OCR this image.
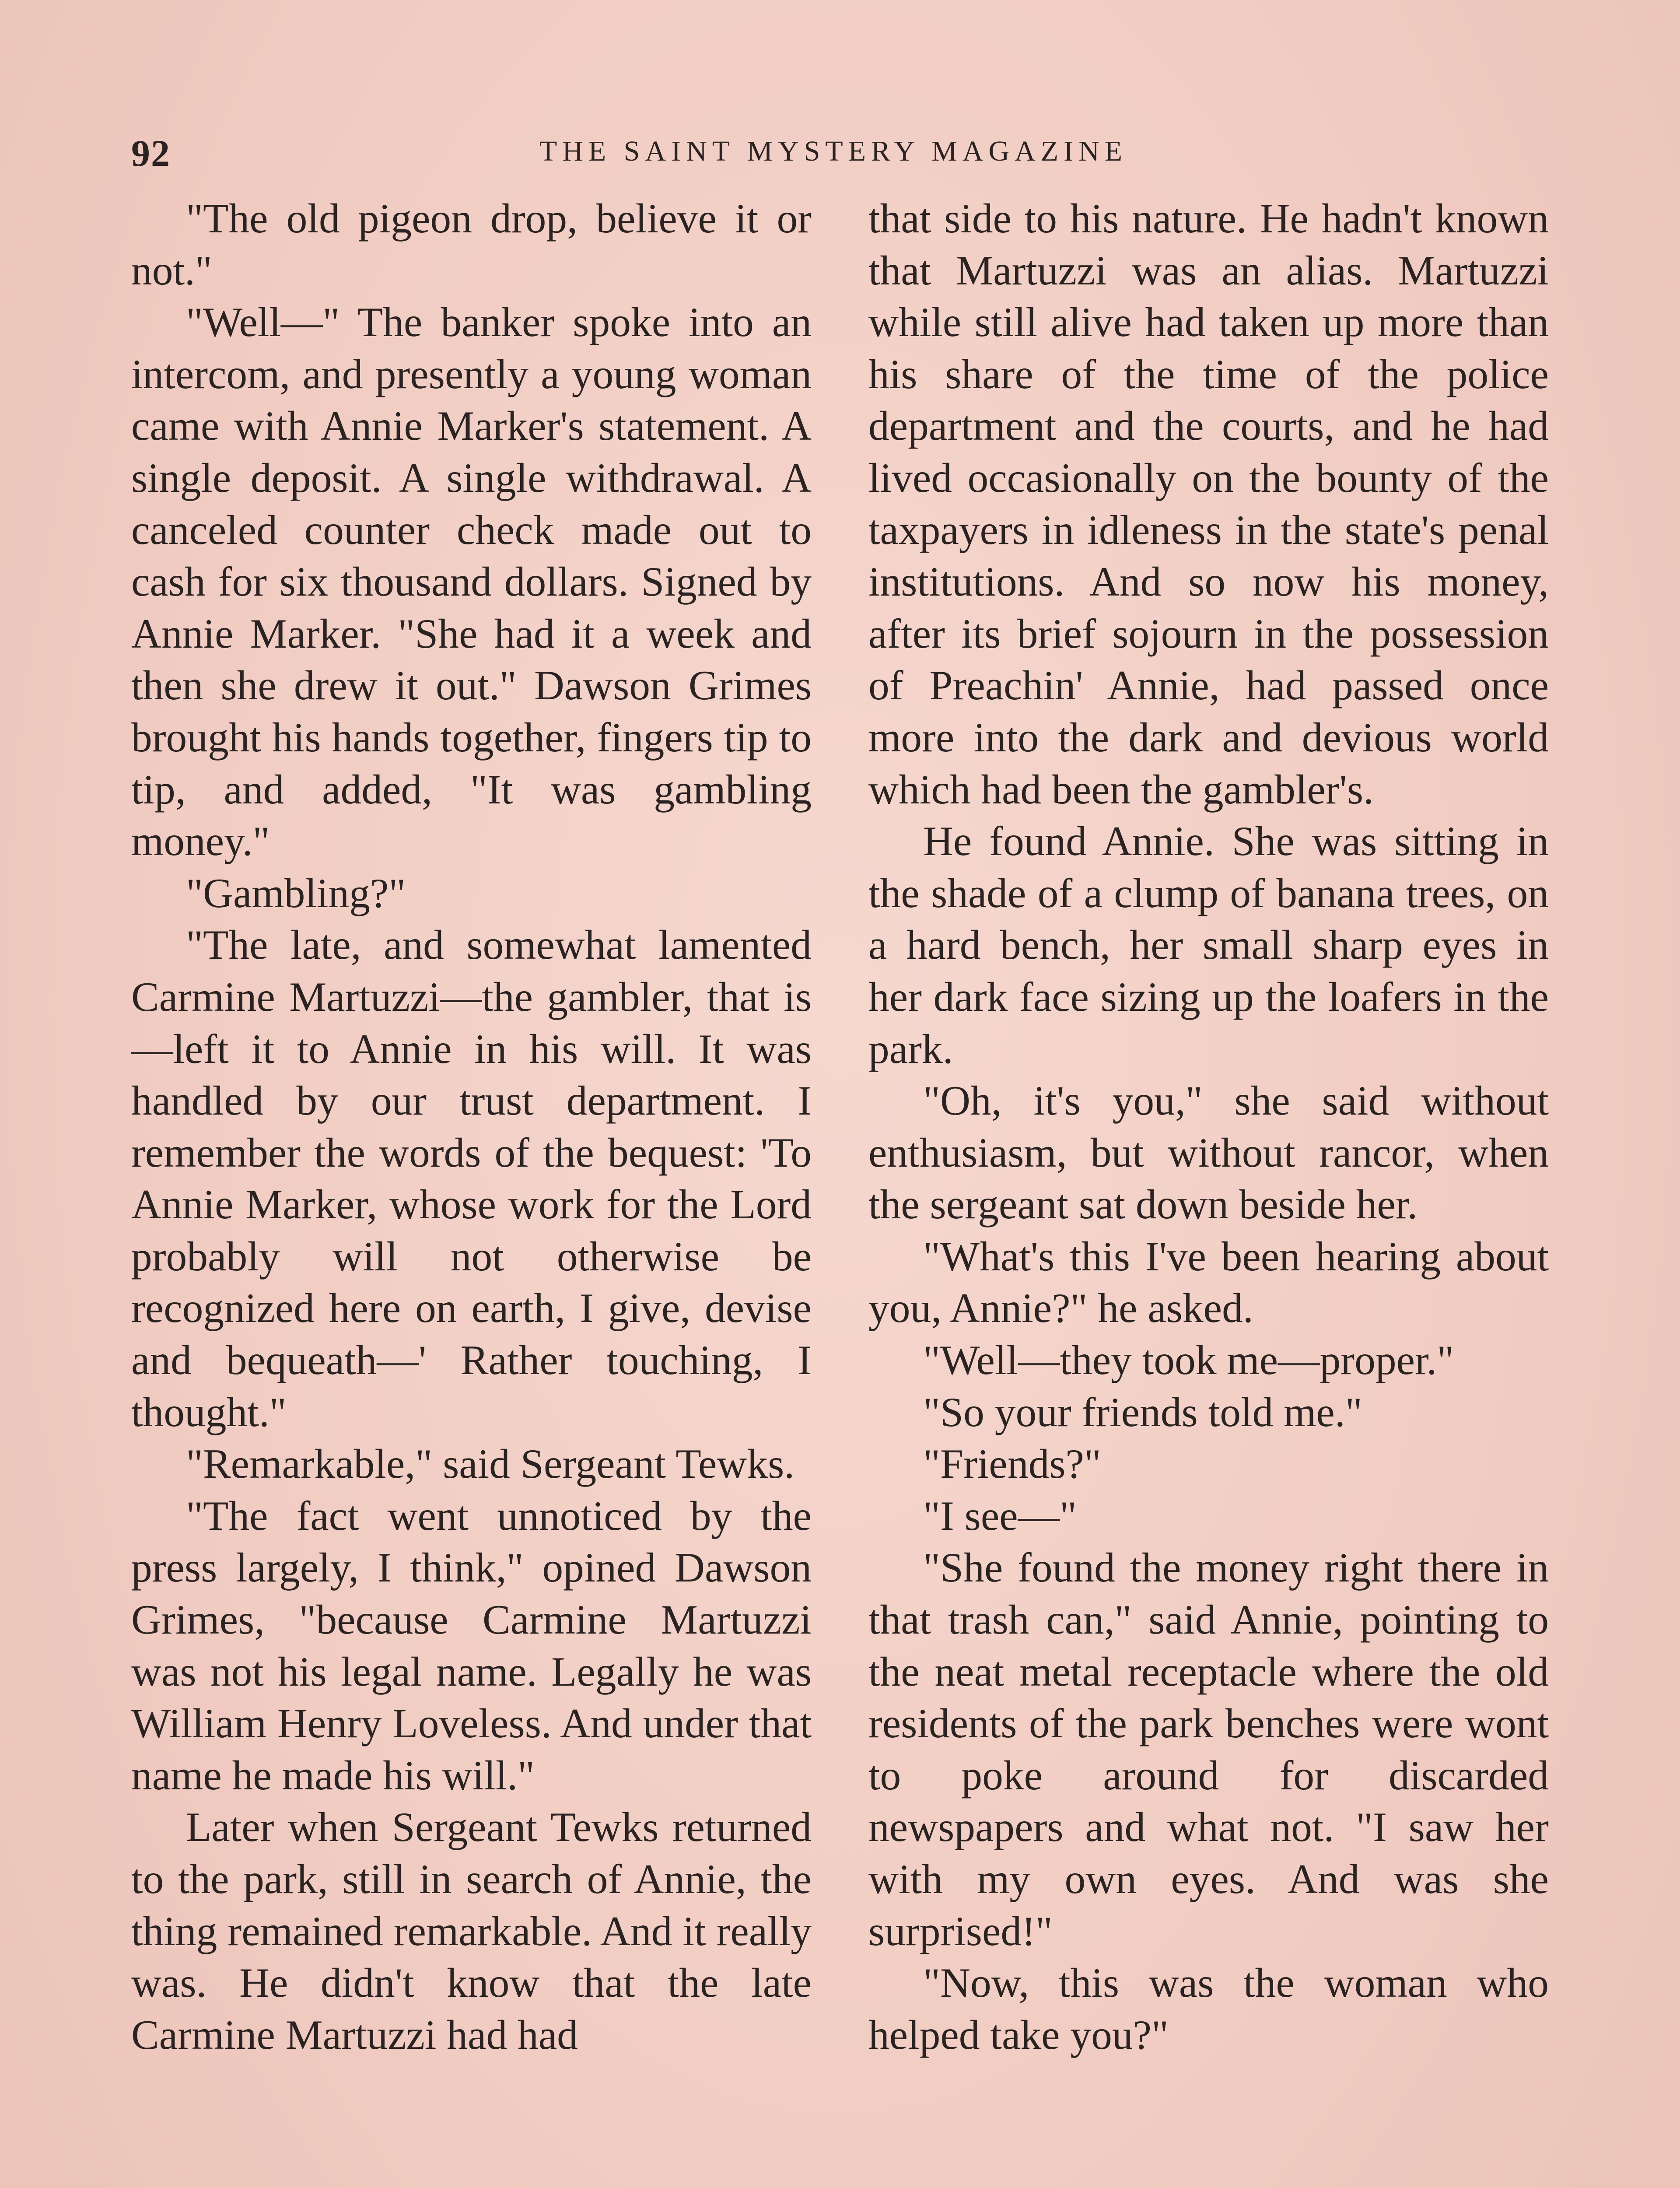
92	THE SAINT MYSTERY MAGAZINE

"The old pigeon drop, believe it or not."

"Well—" The banker spoke into an intercom, and presently a young woman came with Annie Marker's statement. A single deposit. A single withdrawal. A canceled counter check made out to cash for six thousand dollars. Signed by Annie Marker. "She had it a week and then she drew it out." Dawson Grimes brought his hands together, fingers tip to tip, and added, "It was gambling money."

"Gambling?"

"The late, and somewhat lamented Carmine Martuzzi—the gambler, that is—left it to Annie in his will. It was handled by our trust department. I remember the words of the bequest: 'To Annie Marker, whose work for the Lord probably will not otherwise be recognized here on earth, I give, devise and bequeath—' Rather touching, I thought."

"Remarkable," said Sergeant Tewks.

"The fact went unnoticed by the press largely, I think," opined Dawson Grimes, "because Carmine Martuzzi was not his legal name. Legally he was William Henry Loveless. And under that name he made his will."

Later when Sergeant Tewks returned to the park, still in search of Annie, the thing remained remarkable. And it really was. He didn't know that the late Carmine Martuzzi had had

that side to his nature. He hadn't known that Martuzzi was an alias. Martuzzi while still alive had taken up more than his share of the time of the police department and the courts, and he had lived occasionally on the bounty of the taxpayers in idleness in the state's penal institutions. And so now his money, after its brief sojourn in the possession of Preachin' Annie, had passed once more into the dark and devious world which had been the gambler's.

He found Annie. She was sitting in the shade of a clump of banana trees, on a hard bench, her small sharp eyes in her dark face sizing up the loafers in the park.

"Oh, it's you," she said without enthusiasm, but without rancor, when the sergeant sat down beside her.

"What's this I've been hearing about you, Annie?" he asked.

"Well—they took me—proper."

"So your friends told me."

"Friends?"

"I see—"

"She found the money right there in that trash can," said Annie, pointing to the neat metal receptacle where the old residents of the park benches were wont to poke around for discarded newspapers and what not. "I saw her with my own eyes. And was she surprised!"

"Now, this was the woman who helped take you?"
